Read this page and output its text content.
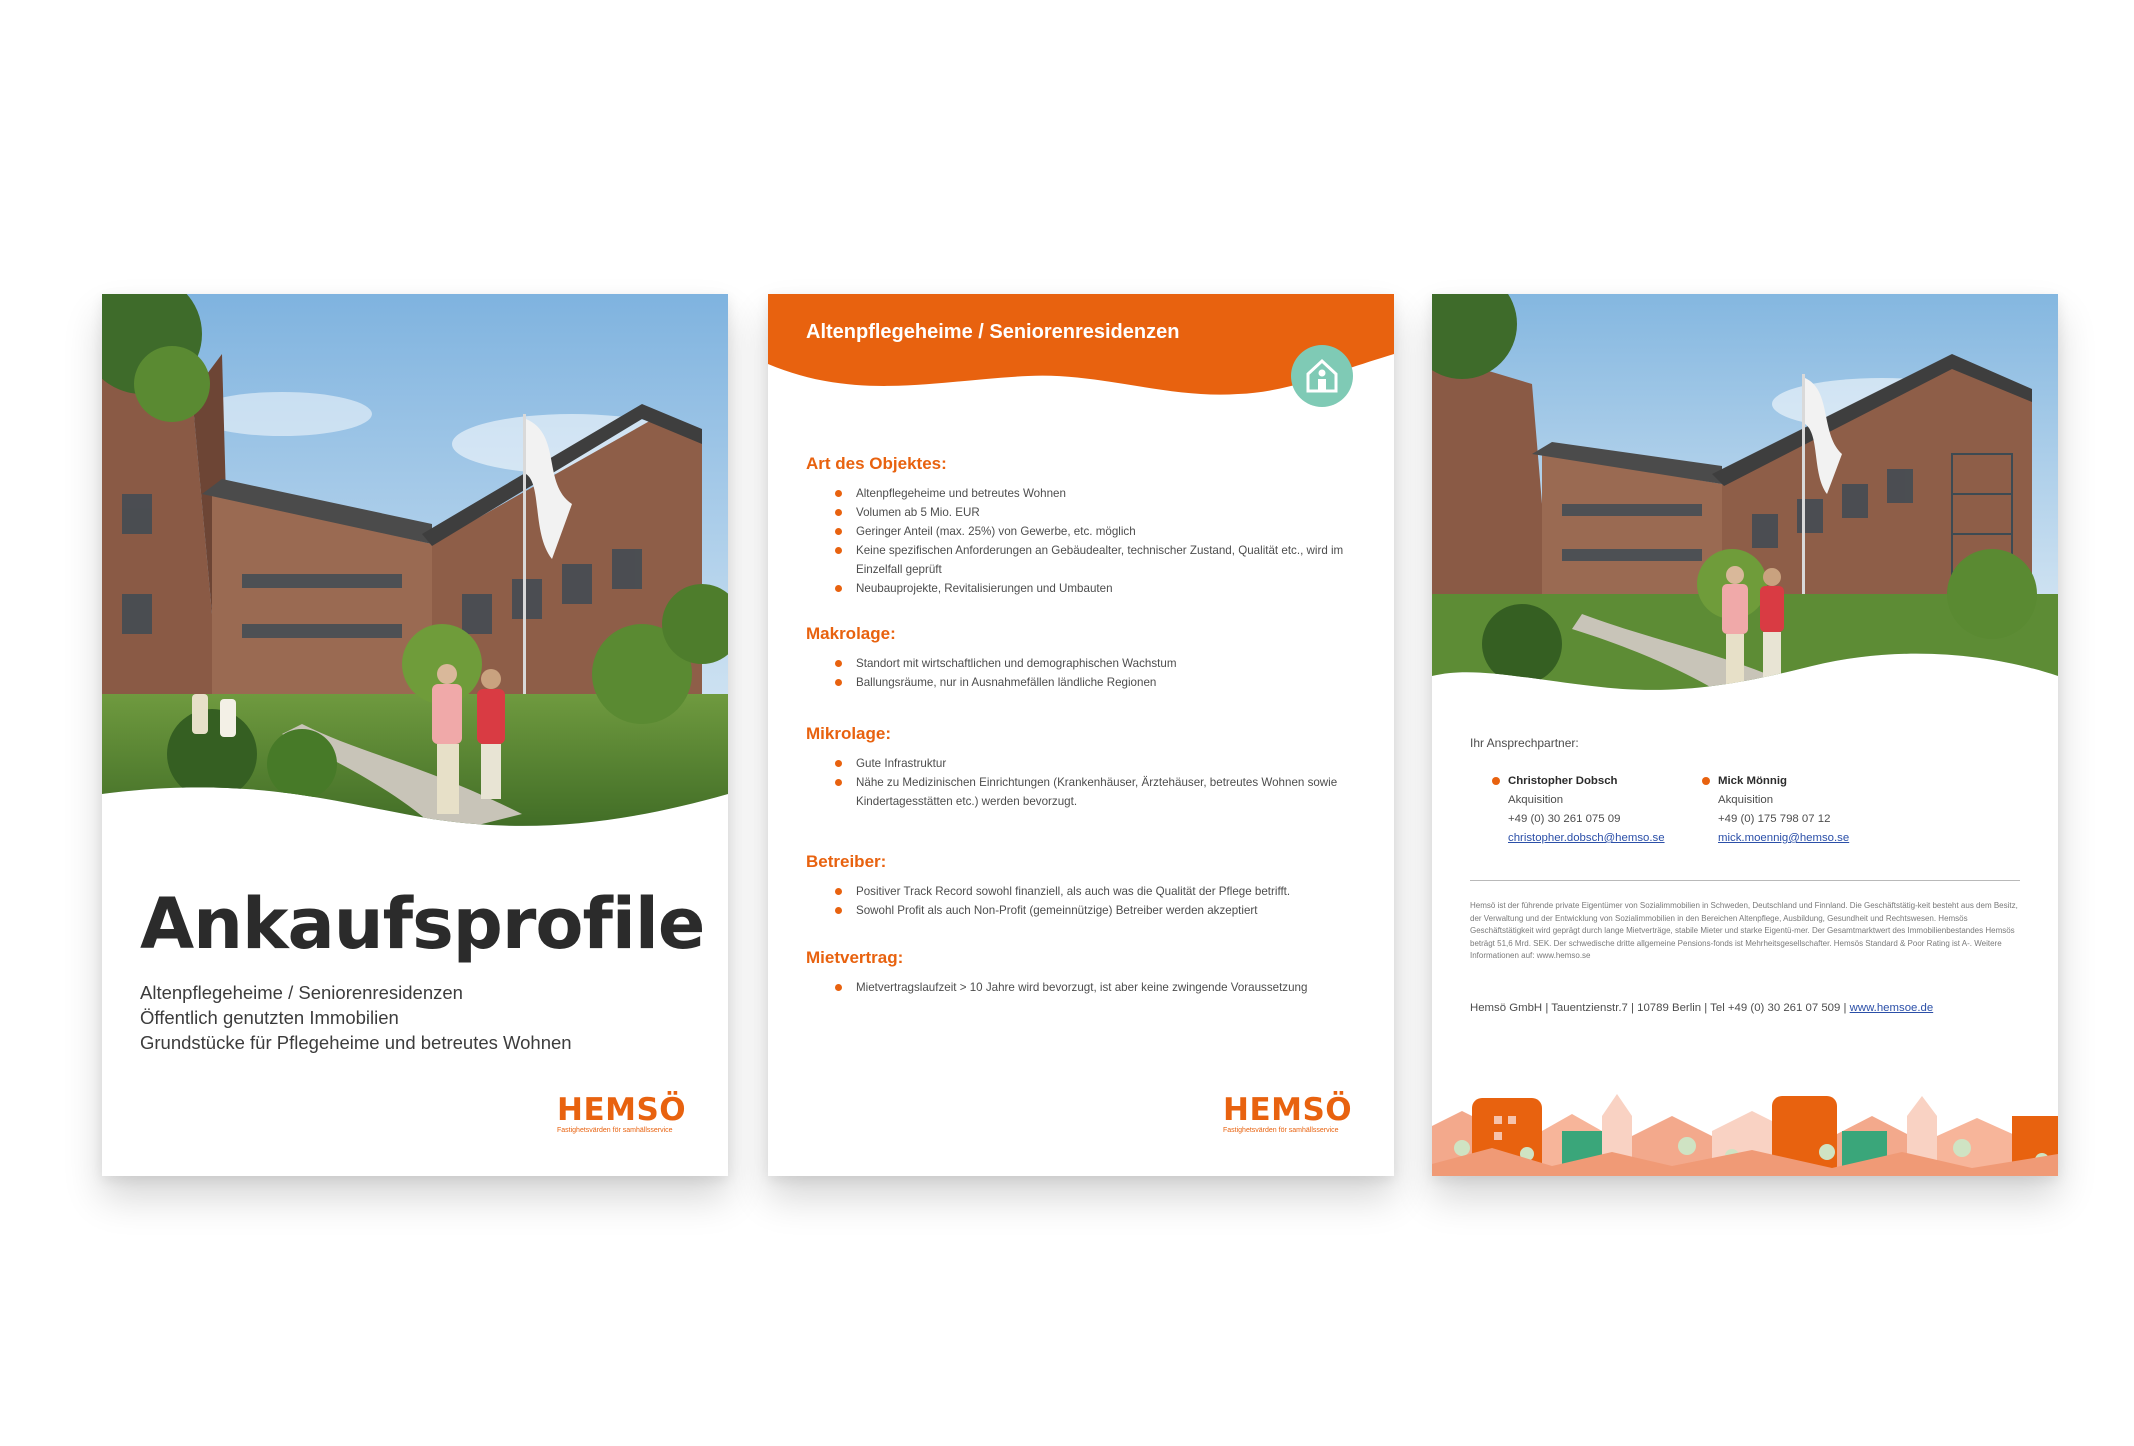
Ankaufsprofile
Altenpflegeheime / Seniorenresidenzen
Öffentlich genutzten Immobilien
Grundstücke für Pflegeheime und betreutes Wohnen
HEMSÖ
Fastighetsvärden för samhällsservice
Altenpflegeheime / Seniorenresidenzen
Art des Objektes:
Altenpflegeheime und betreutes Wohnen
Volumen ab 5 Mio. EUR
Geringer Anteil (max. 25%) von Gewerbe, etc. möglich
Keine spezifischen Anforderungen an Gebäudealter, technischer Zustand, Qualität etc., wird im Einzelfall geprüft
Neubauprojekte, Revitalisierungen und Umbauten
Makrolage:
Standort mit wirtschaftlichen und demographischen Wachstum
Ballungsräume, nur in Ausnahmefällen ländliche Regionen
Mikrolage:
Gute Infrastruktur
Nähe zu Medizinischen Einrichtungen (Krankenhäuser, Ärztehäuser, betreutes Wohnen sowie Kindertagesstätten etc.) werden bevorzugt.
Betreiber:
Positiver Track Record sowohl finanziell, als auch was die Qualität der Pflege betrifft.
Sowohl Profit als auch Non-Profit (gemeinnützige) Betreiber werden akzeptiert
Mietvertrag:
Mietvertragslaufzeit > 10 Jahre wird bevorzugt, ist aber keine zwingende Voraussetzung
HEMSÖ
Fastighetsvärden för samhällsservice
Ihr Ansprechpartner:
Christopher Dobsch
Akquisition
+49 (0) 30 261 075 09
christopher.dobsch@hemso.se
Mick Mönnig
Akquisition
+49 (0) 175 798 07 12
mick.moennig@hemso.se

Hemsö ist der führende private Eigentümer von Sozialimmobilien in Schweden, Deutschland und Finnland. Die Geschäftstätig-keit besteht aus dem Besitz, der Verwaltung und der Entwicklung von Sozialimmobilien in den Bereichen Altenpflege, Ausbildung, Gesundheit und Rechtswesen. Hemsös Geschäftstätigkeit wird geprägt durch lange Mietverträge, stabile Mieter und starke Eigentü-mer. Der Gesamtmarktwert des Immobilienbestandes Hemsös beträgt 51,6 Mrd. SEK. Der schwedische dritte allgemeine Pensions-fonds ist Mehrheitsgesellschafter. Hemsös Standard & Poor Rating ist A-. Weitere Informationen auf: www.hemso.se

Hemsö GmbH | Tauentzienstr.7 | 10789 Berlin | Tel +49 (0) 30 261 07 509 | www.hemsoe.de
